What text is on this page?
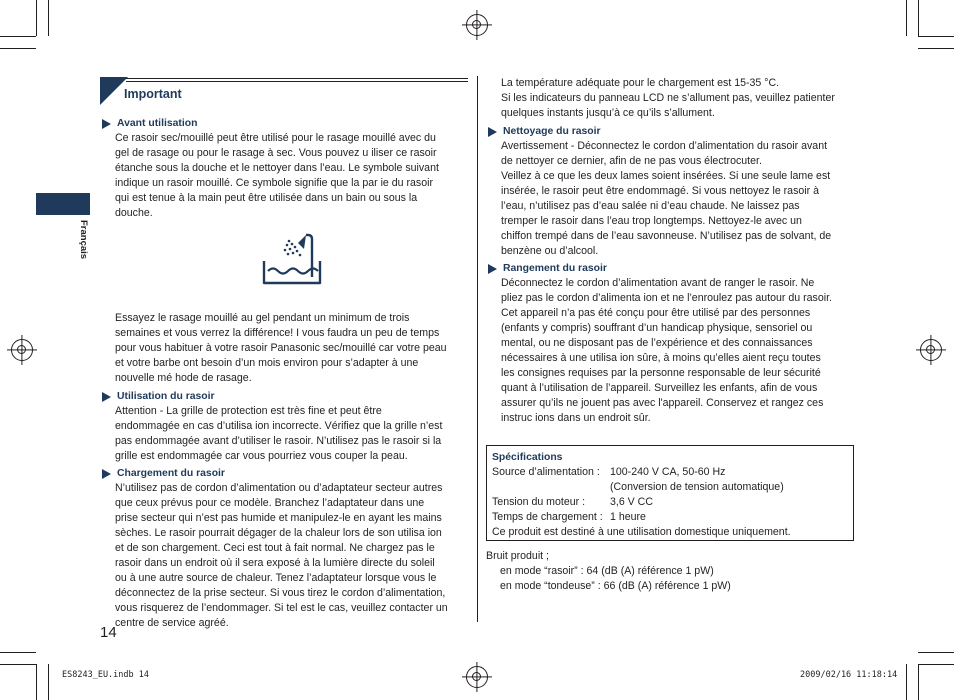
Français
Important
Avant utilisation
Ce rasoir sec/mouillé peut être utilisé pour le rasage mouillé avec du
gel de rasage ou pour le rasage à sec. Vous pouvez u iliser ce rasoir
étanche sous la douche et le nettoyer dans l’eau. Le symbole suivant
indique un rasoir mouillé. Ce symbole signifie que la par ie du rasoir
qui est tenue à la main peut être utilisée dans un bain ou sous la
douche.
Essayez le rasage mouillé au gel pendant un minimum de trois
semaines et vous verrez la différence! I vous faudra un peu de temps
pour vous habituer à votre rasoir Panasonic sec/mouillé car votre peau
et votre barbe ont besoin d’un mois environ pour s’adapter à une
nouvelle mé hode de rasage.
Utilisation du rasoir
Attention - La grille de protection est très fine et peut être
endommagée en cas d’utilisa ion incorrecte. Vérifiez que la grille n’est
pas endommagée avant d’utiliser le rasoir. N’utilisez pas le rasoir si la
grille est endommagée car vous pourriez vous couper la peau.
Chargement du rasoir
N’utilisez pas de cordon d’alimentation ou d’adaptateur secteur autres
que ceux prévus pour ce modèle. Branchez l’adaptateur dans une
prise secteur qui n’est pas humide et manipulez-le en ayant les mains
sèches. Le rasoir pourrait dégager de la chaleur lors de son utilisa ion
et de son chargement. Ceci est tout à fait normal. Ne chargez pas le
rasoir dans un endroit où il sera exposé à la lumière directe du soleil
ou à une autre source de chaleur. Tenez l’adaptateur lorsque vous le
déconnectez de la prise secteur. Si vous tirez le cordon d’alimentation,
vous risquerez de l’endommager. Si tel est le cas, veuillez contacter un
centre de service agréé.
La température adéquate pour le chargement est 15-35 °C.
Si les indicateurs du panneau LCD ne s’allument pas, veuillez patienter
quelques instants jusqu’à ce qu’ils s’allument.
Nettoyage du rasoir
Avertissement - Déconnectez le cordon d’alimentation du rasoir avant
de nettoyer ce dernier, afin de ne pas vous électrocuter.
Veillez à ce que les deux lames soient insérées. Si une seule lame est
insérée, le rasoir peut être endommagé. Si vous nettoyez le rasoir à
l’eau, n’utilisez pas d’eau salée ni d’eau chaude. Ne laissez pas
tremper le rasoir dans l’eau trop longtemps. Nettoyez-le avec un
chiffon trempé dans de l’eau savonneuse. N’utilisez pas de solvant, de
benzène ou d’alcool.
Rangement du rasoir
Déconnectez le cordon d’alimentation avant de ranger le rasoir. Ne
pliez pas le cordon d’alimenta ion et ne l’enroulez pas autour du rasoir.
Cet appareil n’a pas été conçu pour être utilisé par des personnes
(enfants y compris) souffrant d’un handicap physique, sensoriel ou
mental, ou ne disposant pas de l’expérience et des connaissances
nécessaires à une utilisa ion sûre, à moins qu’elles aient reçu toutes
les consignes requises par la personne responsable de leur sécurité
quant à l’utilisation de l’appareil. Surveillez les enfants, afin de vous
assurer qu’ils ne jouent pas avec l'appareil. Conservez et rangez ces
instruc ions dans un endroit sûr.
Spécifications
Source d’alimentation : 100-240 V CA, 50-60 Hz
(Conversion de tension automatique)
Tension du moteur :	3,6 V CC
Temps de chargement : 1 heure
Ce produit est destiné à une utilisation domestique uniquement.
Bruit produit ;
en mode “rasoir” : 64 (dB (A) référence 1 pW)
en mode “tondeuse” : 66 (dB (A) référence 1 pW)
14
ES8243_EU.indb 14	2009/02/16 11:18:14
